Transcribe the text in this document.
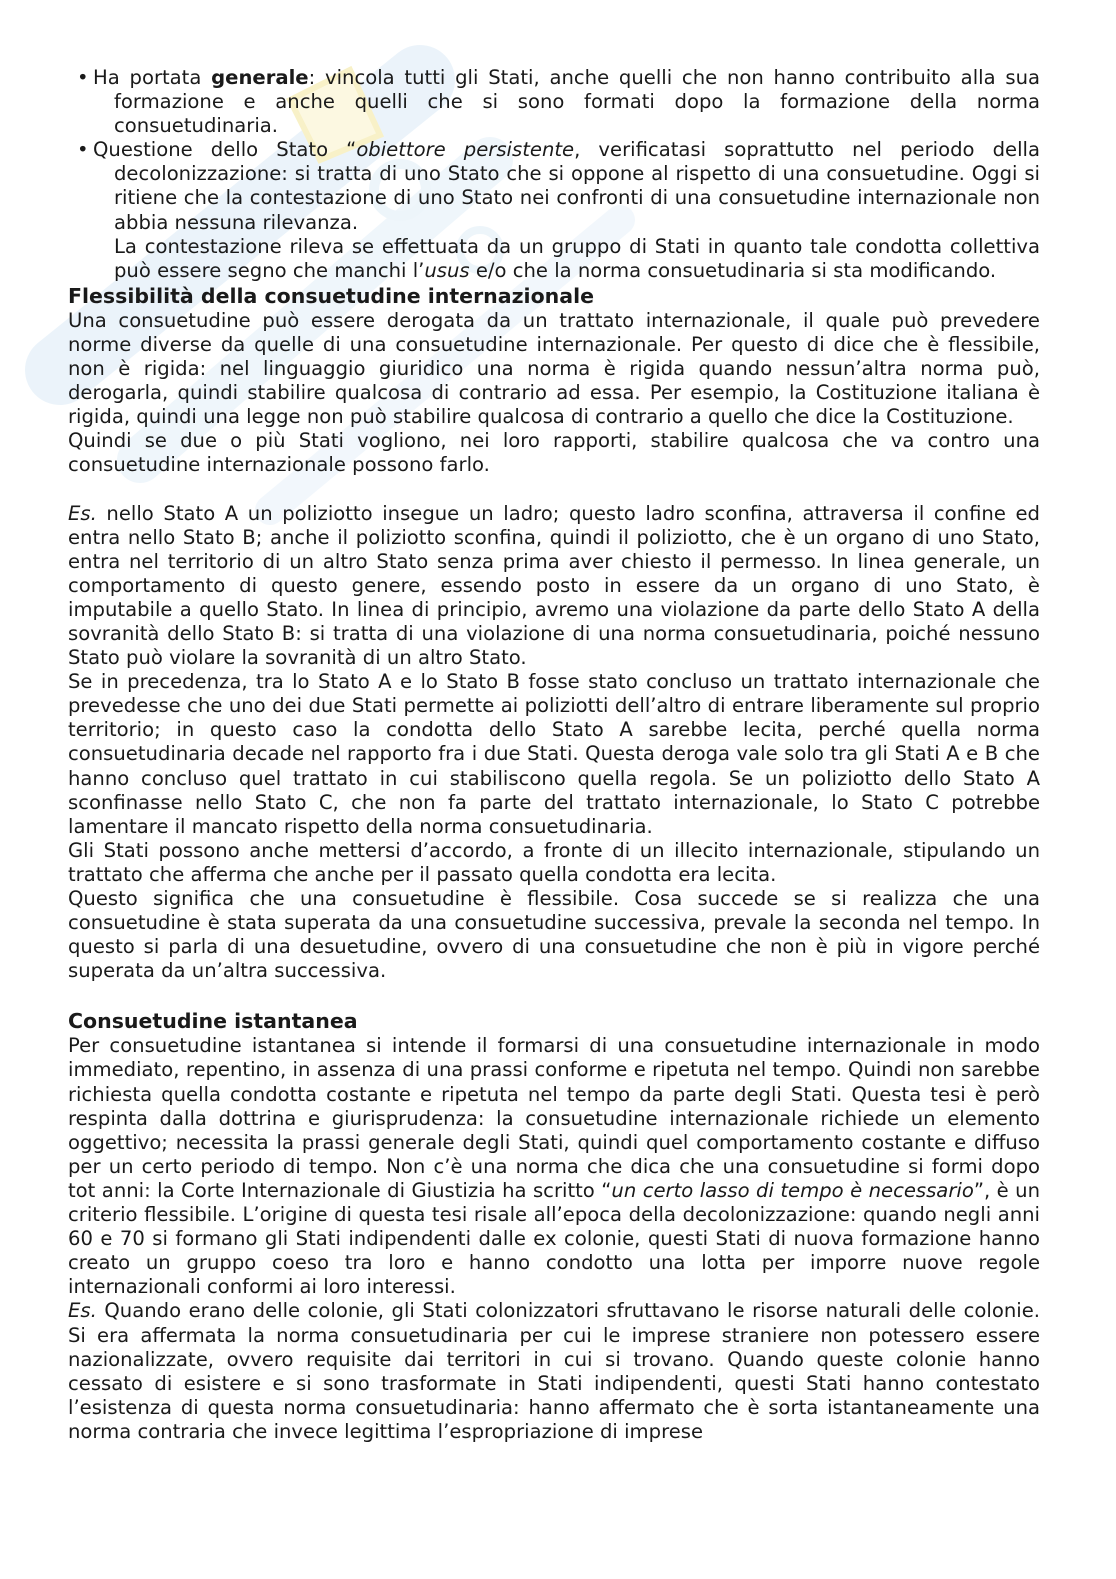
• Ha portata generale: vincola tutti gli Stati, anche quelli che non hanno contribuito alla sua formazione e anche quelli che si sono formati dopo la formazione della norma consuetudinaria.

• Questione dello Stato “obiettore persistente, verificatasi soprattutto nel periodo della decolonizzazione: si tratta di uno Stato che si oppone al rispetto di una consuetudine. Oggi si ritiene che la contestazione di uno Stato nei confronti di una consuetudine internazionale non abbia nessuna rilevanza.

La contestazione rileva se effettuata da un gruppo di Stati in quanto tale condotta collettiva può essere segno che manchi l’usus e/o che la norma consuetudinaria si sta modificando.

Flessibilità della consuetudine internazionale

Una consuetudine può essere derogata da un trattato internazionale, il quale può prevedere norme diverse da quelle di una consuetudine internazionale. Per questo di dice che è flessibile, non è rigida: nel linguaggio giuridico una norma è rigida quando nessun’altra norma può, derogarla, quindi stabilire qualcosa di contrario ad essa. Per esempio, la Costituzione italiana è rigida, quindi una legge non può stabilire qualcosa di contrario a quello che dice la Costituzione.

Quindi se due o più Stati vogliono, nei loro rapporti, stabilire qualcosa che va contro una consuetudine internazionale possono farlo.

Es. nello Stato A un poliziotto insegue un ladro; questo ladro sconfina, attraversa il confine ed entra nello Stato B; anche il poliziotto sconfina, quindi il poliziotto, che è un organo di uno Stato, entra nel territorio di un altro Stato senza prima aver chiesto il permesso. In linea generale, un comportamento di questo genere, essendo posto in essere da un organo di uno Stato, è imputabile a quello Stato. In linea di principio, avremo una violazione da parte dello Stato A della sovranità dello Stato B: si tratta di una violazione di una norma consuetudinaria, poiché nessuno Stato può violare la sovranità di un altro Stato.

Se in precedenza, tra lo Stato A e lo Stato B fosse stato concluso un trattato internazionale che prevedesse che uno dei due Stati permette ai poliziotti dell’altro di entrare liberamente sul proprio territorio; in questo caso la condotta dello Stato A sarebbe lecita, perché quella norma consuetudinaria decade nel rapporto fra i due Stati. Questa deroga vale solo tra gli Stati A e B che hanno concluso quel trattato in cui stabiliscono quella regola. Se un poliziotto dello Stato A sconfinasse nello Stato C, che non fa parte del trattato internazionale, lo Stato C potrebbe lamentare il mancato rispetto della norma consuetudinaria.

Gli Stati possono anche mettersi d’accordo, a fronte di un illecito internazionale, stipulando un trattato che afferma che anche per il passato quella condotta era lecita.

Questo significa che una consuetudine è flessibile. Cosa succede se si realizza che una consuetudine è stata superata da una consuetudine successiva, prevale la seconda nel tempo. In questo si parla di una desuetudine, ovvero di una consuetudine che non è più in vigore perché superata da un’altra successiva.

Consuetudine istantanea

Per consuetudine istantanea si intende il formarsi di una consuetudine internazionale in modo immediato, repentino, in assenza di una prassi conforme e ripetuta nel tempo. Quindi non sarebbe richiesta quella condotta costante e ripetuta nel tempo da parte degli Stati. Questa tesi è però respinta dalla dottrina e giurisprudenza: la consuetudine internazionale richiede un elemento oggettivo; necessita la prassi generale degli Stati, quindi quel comportamento costante e diffuso per un certo periodo di tempo. Non c’è una norma che dica che una consuetudine si formi dopo tot anni: la Corte Internazionale di Giustizia ha scritto “un certo lasso di tempo è necessario”, è un criterio flessibile. L’origine di questa tesi risale all’epoca della decolonizzazione: quando negli anni 60 e 70 si formano gli Stati indipendenti dalle ex colonie, questi Stati di nuova formazione hanno creato un gruppo coeso tra loro e hanno condotto una lotta per imporre nuove regole internazionali conformi ai loro interessi.

Es. Quando erano delle colonie, gli Stati colonizzatori sfruttavano le risorse naturali delle colonie. Si era affermata la norma consuetudinaria per cui le imprese straniere non potessero essere nazionalizzate, ovvero requisite dai territori in cui si trovano. Quando queste colonie hanno cessato di esistere e si sono trasformate in Stati indipendenti, questi Stati hanno contestato l’esistenza di questa norma consuetudinaria: hanno affermato che è sorta istantaneamente una norma contraria che invece legittima l’espropriazione di imprese
